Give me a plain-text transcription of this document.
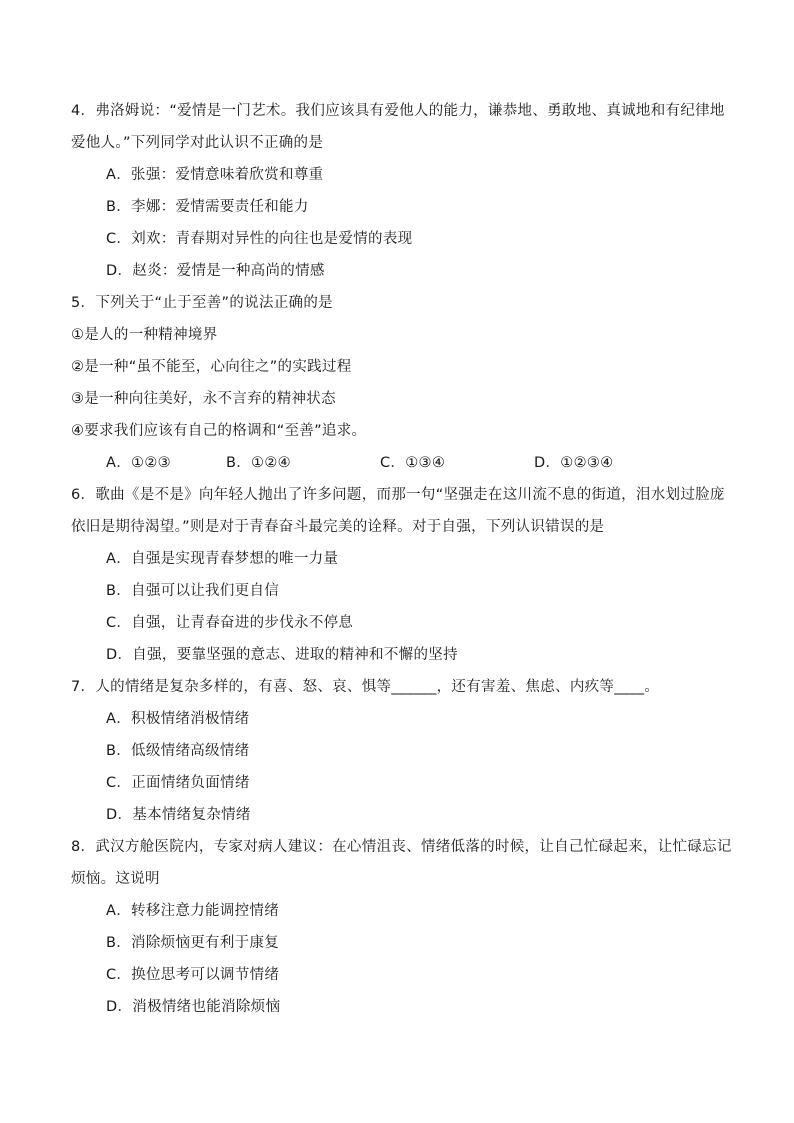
4．弗洛姆说：“爱情是一门艺术。我们应该具有爱他人的能力，谦恭地、勇敢地、真诚地和有纪律地
爱他人。”下列同学对此认识不正确的是
A．张强：爱情意味着欣赏和尊重
B．李娜：爱情需要责任和能力
C．刘欢：青春期对异性的向往也是爱情的表现
D．赵炎：爱情是一种高尚的情感
5．下列关于“止于至善”的说法正确的是
①是人的一种精神境界
②是一种“虽不能至，心向往之”的实践过程
③是一种向往美好，永不言弃的精神状态
④要求我们应该有自己的格调和“至善”追求。
A．①②③	B．①②④	C．①③④	D．①②③④
6．歌曲《是不是》向年轻人抛出了许多问题，而那一句“坚强走在这川流不息的街道，泪水划过脸庞
依旧是期待渴望。”则是对于青春奋斗最完美的诠释。对于自强，下列认识错误的是
A．自强是实现青春梦想的唯一力量
B．自强可以让我们更自信
C．自强，让青春奋进的步伐永不停息
D．自强，要靠坚强的意志、进取的精神和不懈的坚持
7．人的情绪是复杂多样的，有喜、怒、哀、惧等______，还有害羞、焦虑、内疚等____。
A．积极情绪消极情绪
B．低级情绪高级情绪
C．正面情绪负面情绪
D．基本情绪复杂情绪
8．武汉方舱医院内，专家对病人建议：在心情沮丧、情绪低落的时候，让自己忙碌起来，让忙碌忘记
烦恼。这说明
A．转移注意力能调控情绪
B．消除烦恼更有利于康复
C．换位思考可以调节情绪
D．消极情绪也能消除烦恼
